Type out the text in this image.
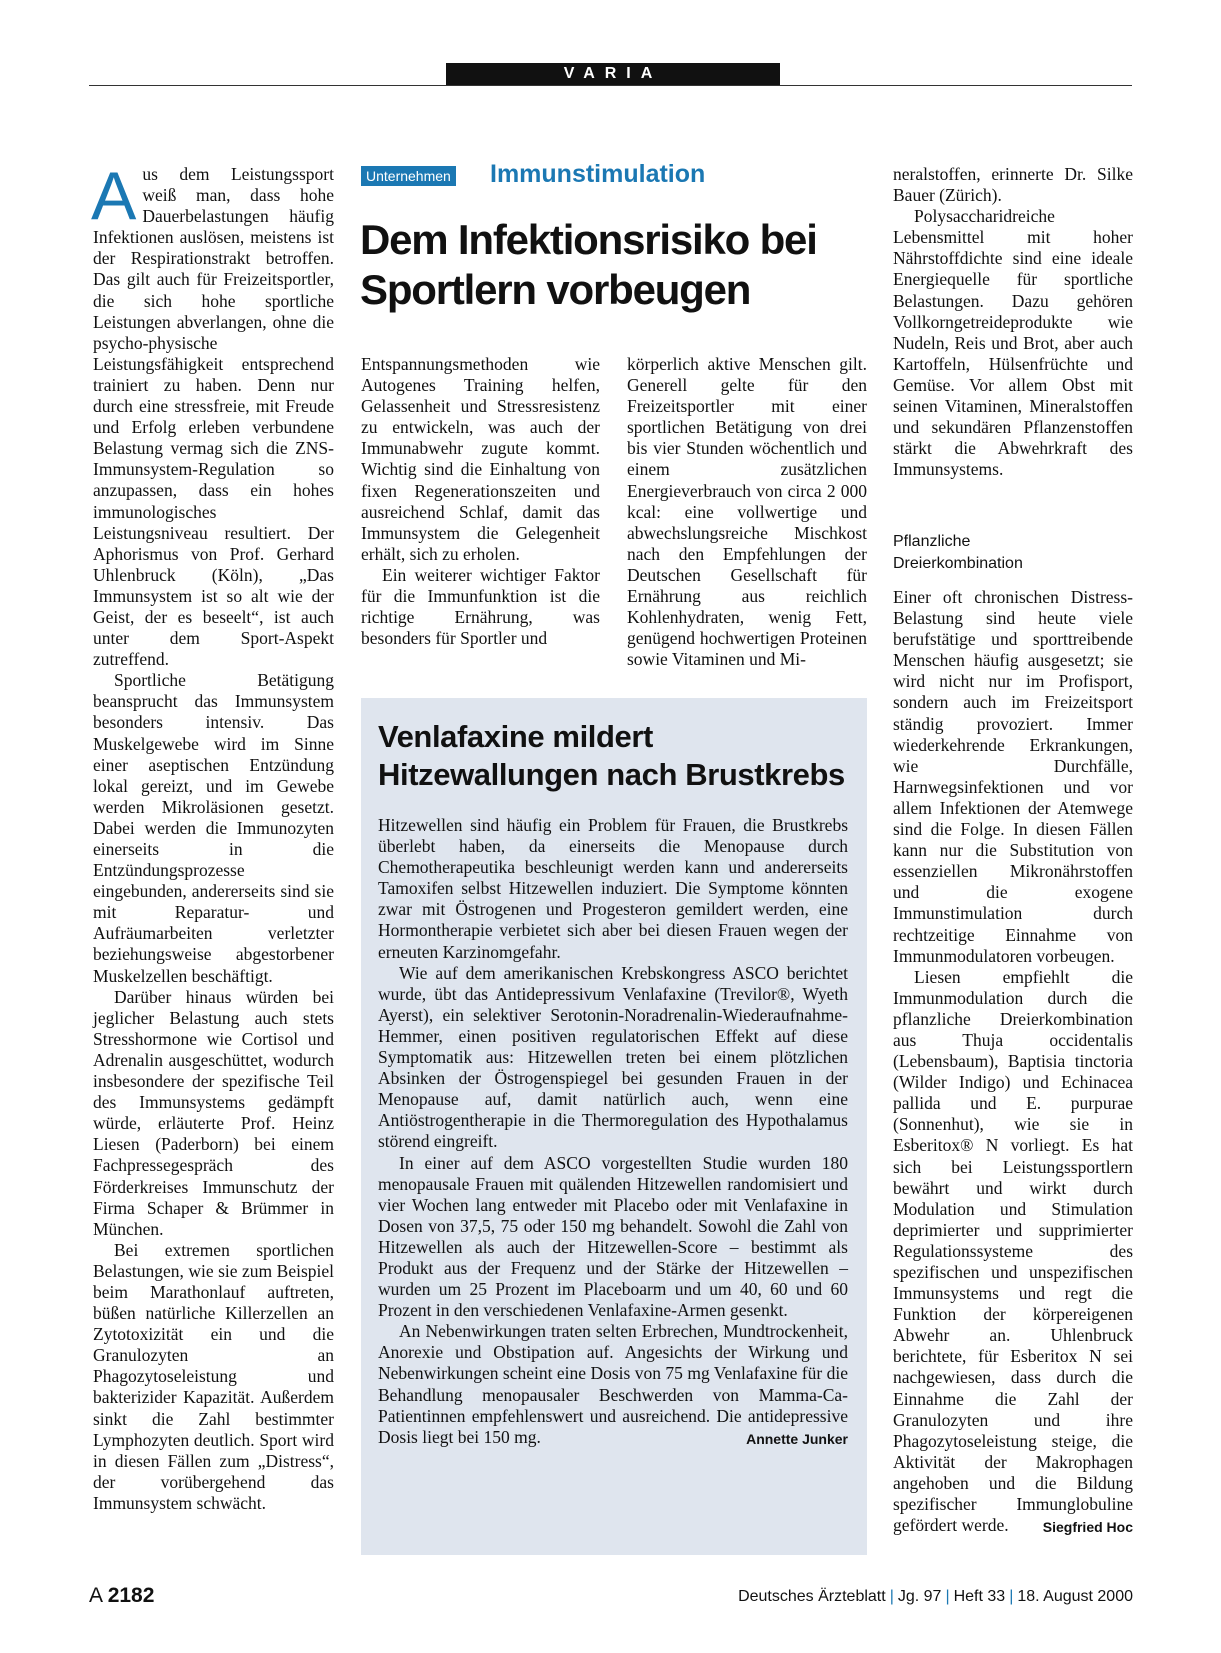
VARIA

Aus dem Leistungssport weiß man, dass hohe Dauerbelastungen häufig Infektionen auslösen, meistens ist der Respirationstrakt betroffen. Das gilt auch für Freizeitsportler, die sich hohe sportliche Leistungen abverlangen, ohne die psycho-physische Leistungsfähigkeit entsprechend trainiert zu haben. Denn nur durch eine stressfreie, mit Freude und Erfolg erleben verbundene Belastung vermag sich die ZNS-Immunsystem-Regulation so anzupassen, dass ein hohes immunologisches Leistungsniveau resultiert. Der Aphorismus von Prof. Gerhard Uhlenbruck (Köln), „Das Immunsystem ist so alt wie der Geist, der es beseelt“, ist auch unter dem Sport-Aspekt zutreffend.

Sportliche Betätigung beansprucht das Immunsystem besonders intensiv. Das Muskelgewebe wird im Sinne einer aseptischen Entzündung lokal gereizt, und im Gewebe werden Mikroläsionen gesetzt. Dabei werden die Immunozyten einerseits in die Entzündungsprozesse eingebunden, andererseits sind sie mit Reparatur- und Aufräumarbeiten verletzter beziehungsweise abgestorbener Muskelzellen beschäftigt.

Darüber hinaus würden bei jeglicher Belastung auch stets Stresshormone wie Cortisol und Adrenalin ausgeschüttet, wodurch insbesondere der spezifische Teil des Immunsystems gedämpft würde, erläuterte Prof. Heinz Liesen (Paderborn) bei einem Fachpressegespräch des Förderkreises Immunschutz der Firma Schaper & Brümmer in München.

Bei extremen sportlichen Belastungen, wie sie zum Beispiel beim Marathonlauf auftreten, büßen natürliche Killerzellen an Zytotoxizität ein und die Granulozyten an Phagozytoseleistung und bakterizider Kapazität. Außerdem sinkt die Zahl bestimmter Lymphozyten deutlich. Sport wird in diesen Fällen zum „Distress“, der vorübergehend das Immunsystem schwächt.

Unternehmen Immunstimulation
Dem Infektionsrisiko bei Sportlern vorbeugen

Entspannungsmethoden wie Autogenes Training helfen, Gelassenheit und Stressresistenz zu entwickeln, was auch der Immunabwehr zugute kommt. Wichtig sind die Einhaltung von fixen Regenerationszeiten und ausreichend Schlaf, damit das Immunsystem die Gelegenheit erhält, sich zu erholen.

Ein weiterer wichtiger Faktor für die Immunfunktion ist die richtige Ernährung, was besonders für Sportler und

körperlich aktive Menschen gilt. Generell gelte für den Freizeitsportler mit einer sportlichen Betätigung von drei bis vier Stunden wöchentlich und einem zusätzlichen Energieverbrauch von circa 2 000 kcal: eine vollwertige und abwechslungsreiche Mischkost nach den Empfehlungen der Deutschen Gesellschaft für Ernährung aus reichlich Kohlenhydraten, wenig Fett, genügend hochwertigen Proteinen sowie Vitaminen und Mi-

Venlafaxine mildert Hitzewallungen nach Brustkrebs

Hitzewellen sind häufig ein Problem für Frauen, die Brustkrebs überlebt haben, da einerseits die Menopause durch Chemotherapeutika beschleunigt werden kann und andererseits Tamoxifen selbst Hitzewellen induziert. Die Symptome könnten zwar mit Östrogenen und Progesteron gemildert werden, eine Hormontherapie verbietet sich aber bei diesen Frauen wegen der erneuten Karzinomgefahr.

Wie auf dem amerikanischen Krebskongress ASCO berichtet wurde, übt das Antidepressivum Venlafaxine (Trevilor®, Wyeth Ayerst), ein selektiver Serotonin-Noradrenalin-Wiederaufnahme-Hemmer, einen positiven regulatorischen Effekt auf diese Symptomatik aus: Hitzewellen treten bei einem plötzlichen Absinken der Östrogenspiegel bei gesunden Frauen in der Menopause auf, damit natürlich auch, wenn eine Antiöstrogentherapie in die Thermoregulation des Hypothalamus störend eingreift.

In einer auf dem ASCO vorgestellten Studie wurden 180 menopausale Frauen mit quälenden Hitzewellen randomisiert und vier Wochen lang entweder mit Placebo oder mit Venlafaxine in Dosen von 37,5, 75 oder 150 mg behandelt. Sowohl die Zahl von Hitzewellen als auch der Hitzewellen-Score – bestimmt als Produkt aus der Frequenz und der Stärke der Hitzewellen – wurden um 25 Prozent im Placeboarm und um 40, 60 und 60 Prozent in den verschiedenen Venlafaxine-Armen gesenkt.

An Nebenwirkungen traten selten Erbrechen, Mundtrockenheit, Anorexie und Obstipation auf. Angesichts der Wirkung und Nebenwirkungen scheint eine Dosis von 75 mg Venlafaxine für die Behandlung menopausaler Beschwerden von Mamma-Ca-Patientinnen empfehlenswert und ausreichend. Die antidepressive Dosis liegt bei 150 mg.	Annette Junker

neralstoffen, erinnerte Dr. Silke Bauer (Zürich).

Polysaccharidreiche Lebensmittel mit hoher Nährstoffdichte sind eine ideale Energiequelle für sportliche Belastungen. Dazu gehören Vollkorngetreideprodukte wie Nudeln, Reis und Brot, aber auch Kartoffeln, Hülsenfrüchte und Gemüse. Vor allem Obst mit seinen Vitaminen, Mineralstoffen und sekundären Pflanzenstoffen stärkt die Abwehrkraft des Immunsystems.

Pflanzliche Dreierkombination

Einer oft chronischen Distress-Belastung sind heute viele berufstätige und sporttreibende Menschen häufig ausgesetzt; sie wird nicht nur im Profisport, sondern auch im Freizeitsport ständig provoziert. Immer wiederkehrende Erkrankungen, wie Durchfälle, Harnwegsinfektionen und vor allem Infektionen der Atemwege sind die Folge. In diesen Fällen kann nur die Substitution von essenziellen Mikronährstoffen und die exogene Immunstimulation durch rechtzeitige Einnahme von Immunmodulatoren vorbeugen.

Liesen empfiehlt die Immunmodulation durch die pflanzliche Dreierkombination aus Thuja occidentalis (Lebensbaum), Baptisia tinctoria (Wilder Indigo) und Echinacea pallida und E. purpurae (Sonnenhut), wie sie in Esberitox® N vorliegt. Es hat sich bei Leistungssportlern bewährt und wirkt durch Modulation und Stimulation deprimierter und supprimierter Regulationssysteme des spezifischen und unspezifischen Immunsystems und regt die Funktion der körpereigenen Abwehr an. Uhlenbruck berichtete, für Esberitox N sei nachgewiesen, dass durch die Einnahme die Zahl der Granulozyten und ihre Phagozytoseleistung steige, die Aktivität der Makrophagen angehoben und die Bildung spezifischer Immunglobuline gefördert werde.	Siegfried Hoc

A 2182	Deutsches Ärzteblatt | Jg. 97 | Heft 33 | 18. August 2000
